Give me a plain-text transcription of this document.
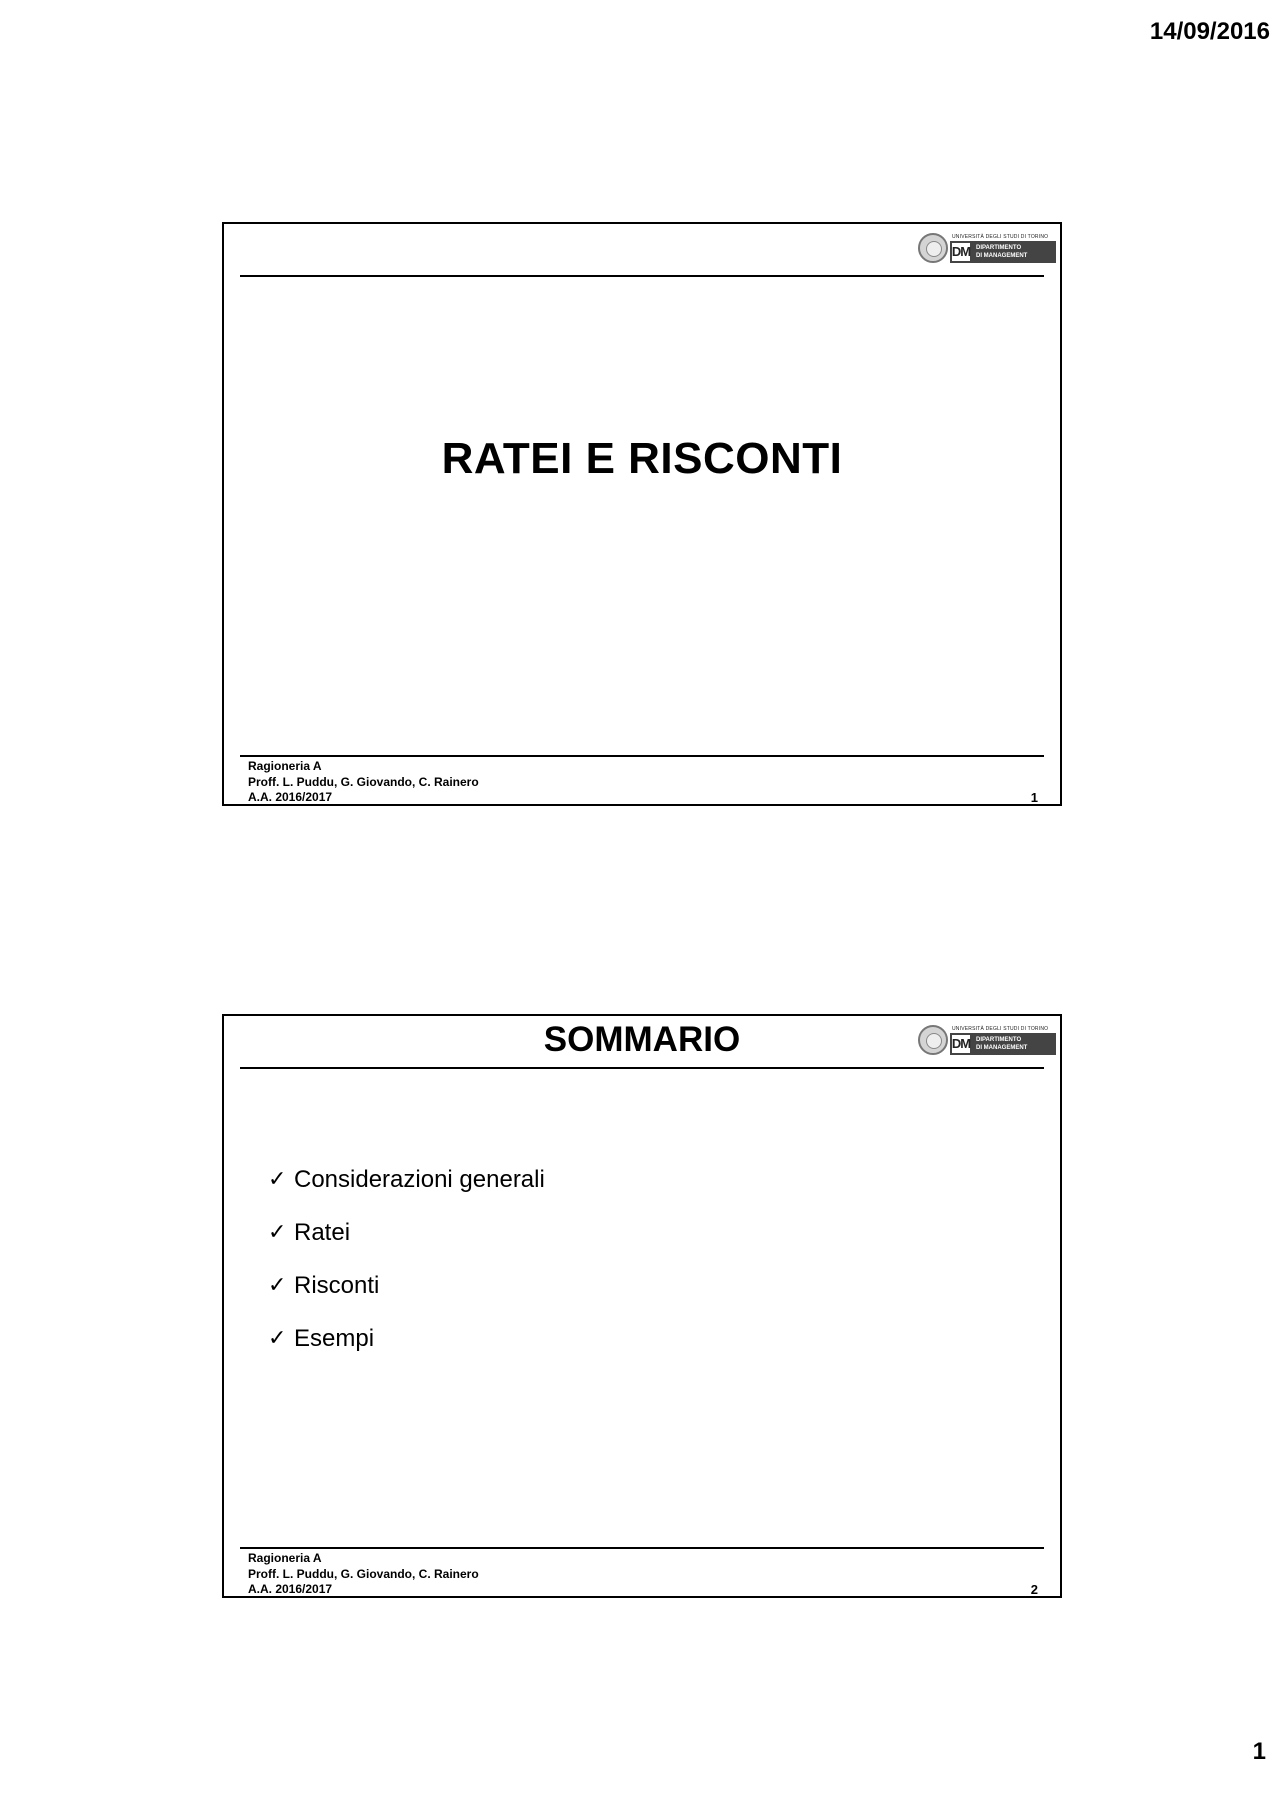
14/09/2016
UNIVERSITÀ DEGLI STUDI DI TORINO
DM DIPARTIMENTO
DI MANAGEMENT
RATEI E RISCONTI
Ragioneria A
Proff. L. Puddu, G. Giovando, C. Rainero
A.A. 2016/2017	1
SOMMARIO	UNIVERSITÀ DEGLI STUDI DI TORINO
DM DIPARTIMENTO
DI MANAGEMENT
✓ Considerazioni generali
✓ Ratei
✓ Risconti
✓ Esempi
Ragioneria A
Proff. L. Puddu, G. Giovando, C. Rainero
A.A. 2016/2017	2
1
